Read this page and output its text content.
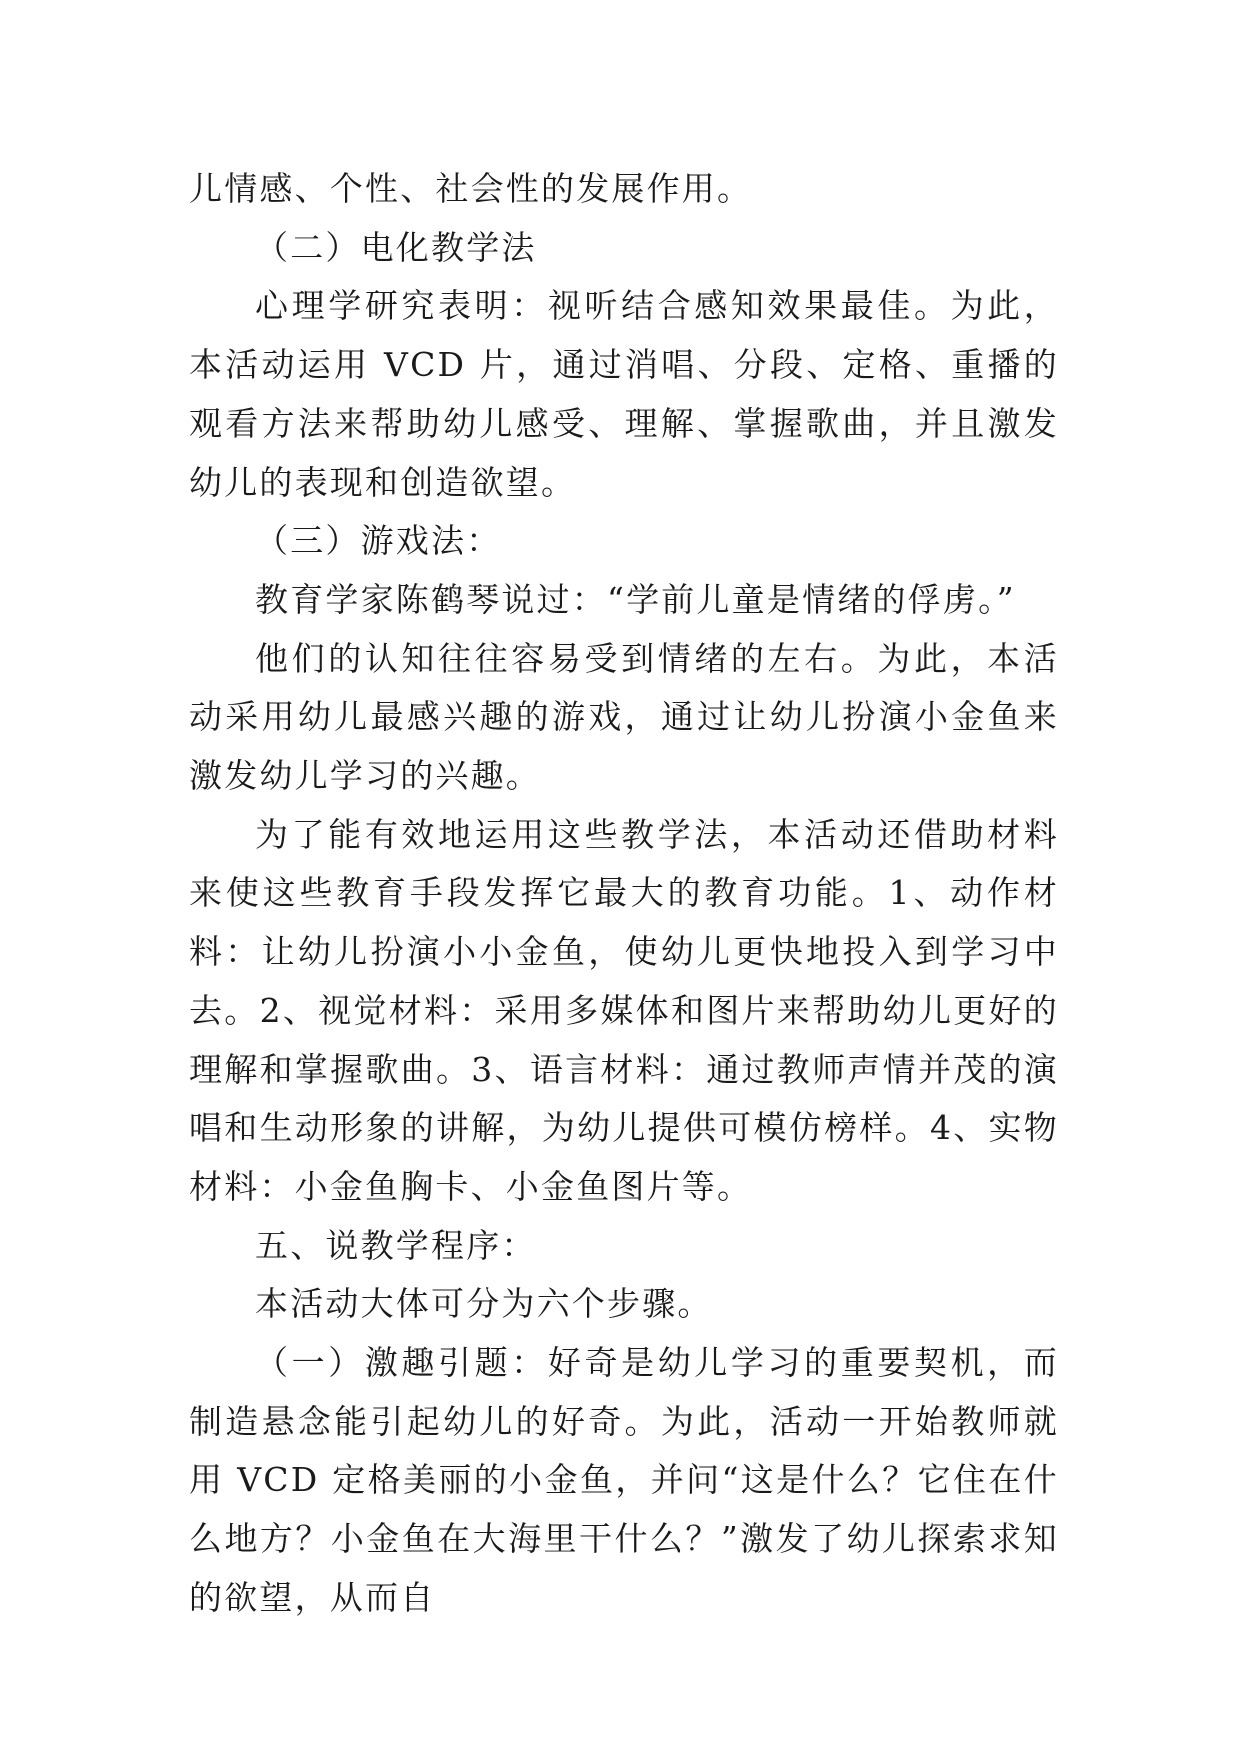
儿情感、个性、社会性的发展作用。

（二）电化教学法

心理学研究表明：视听结合感知效果最佳。为此，本活动运用 VCD 片，通过消唱、分段、定格、重播的观看方法来帮助幼儿感受、理解、掌握歌曲，并且激发幼儿的表现和创造欲望。

（三）游戏法：

教育学家陈鹤琴说过：“学前儿童是情绪的俘虏。”

他们的认知往往容易受到情绪的左右。为此，本活动采用幼儿最感兴趣的游戏，通过让幼儿扮演小金鱼来激发幼儿学习的兴趣。

为了能有效地运用这些教学法，本活动还借助材料来使这些教育手段发挥它最大的教育功能。1、动作材料：让幼儿扮演小小金鱼，使幼儿更快地投入到学习中去。2、视觉材料：采用多媒体和图片来帮助幼儿更好的理解和掌握歌曲。3、语言材料：通过教师声情并茂的演唱和生动形象的讲解，为幼儿提供可模仿榜样。4、实物材料：小金鱼胸卡、小金鱼图片等。

五、说教学程序：

本活动大体可分为六个步骤。

（一）激趣引题：好奇是幼儿学习的重要契机，而制造悬念能引起幼儿的好奇。为此，活动一开始教师就用 VCD 定格美丽的小金鱼，并问“这是什么？它住在什么地方？小金鱼在大海里干什么？”激发了幼儿探索求知的欲望，从而自
